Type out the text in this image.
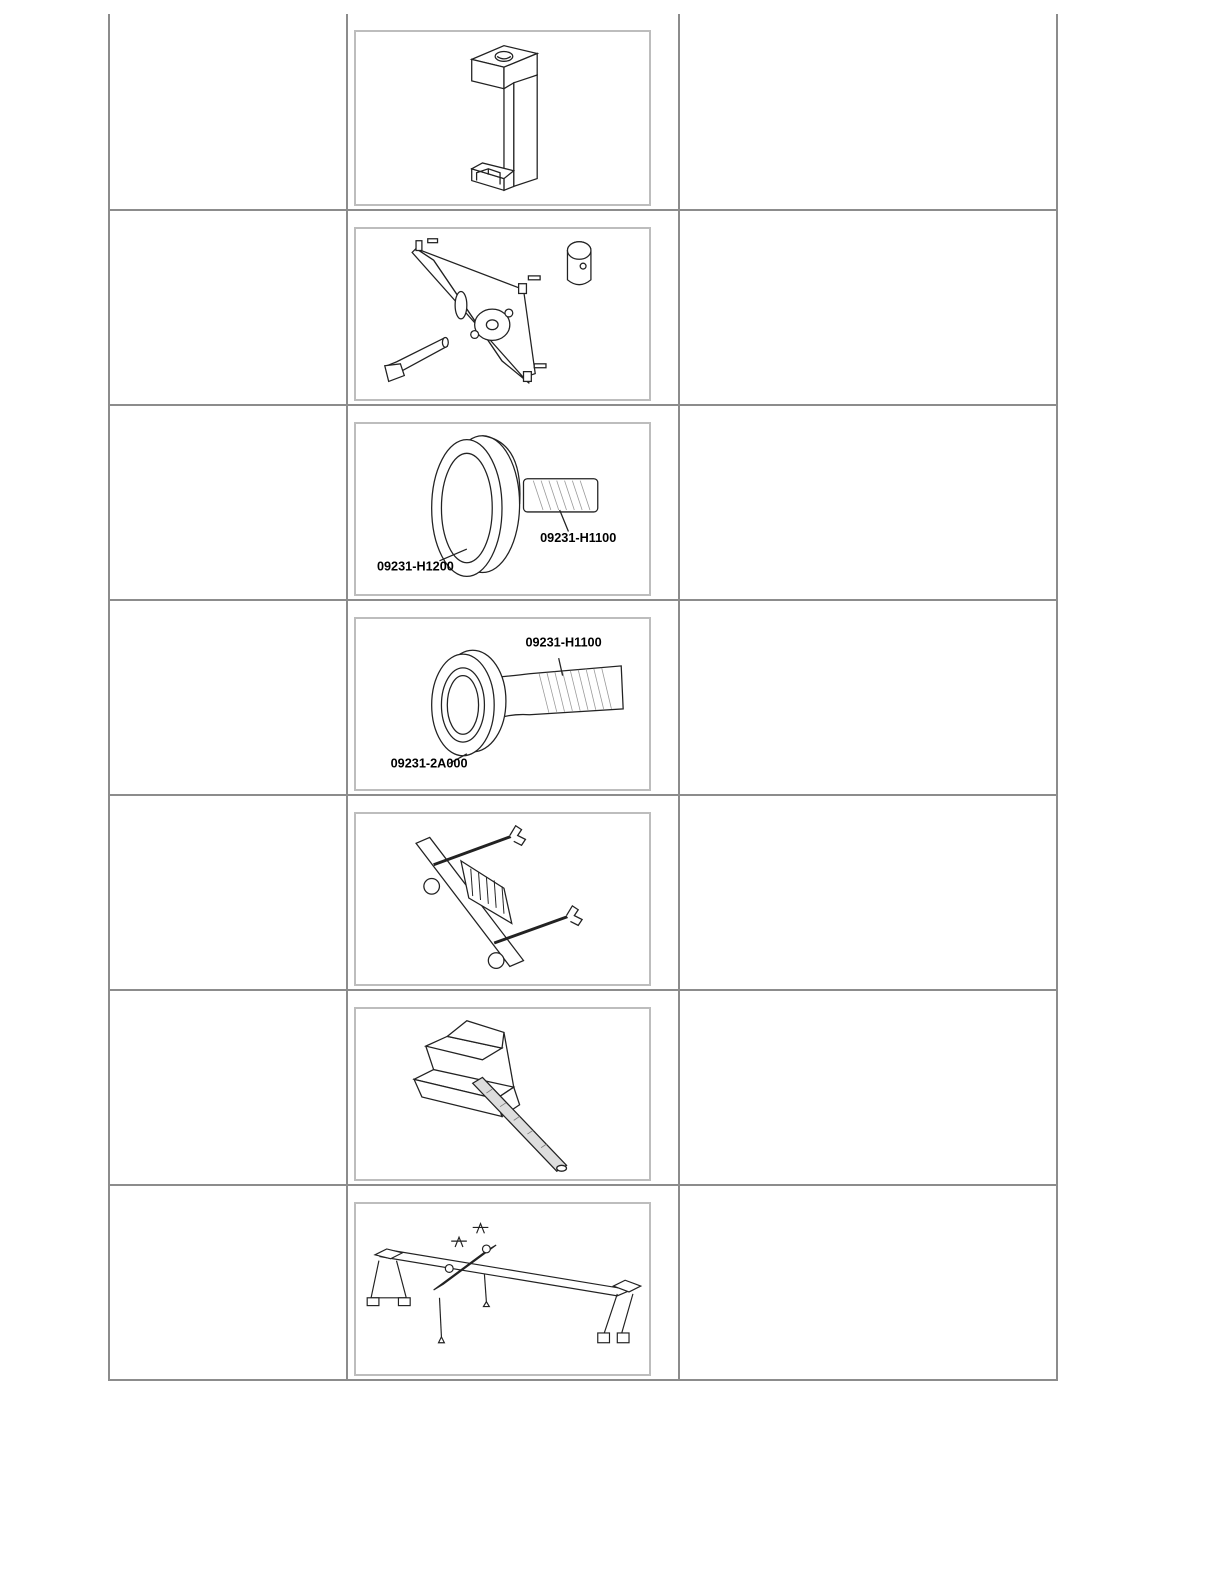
09231-H1100
09231-H1200	

09231-H1100
09231-2A000	
